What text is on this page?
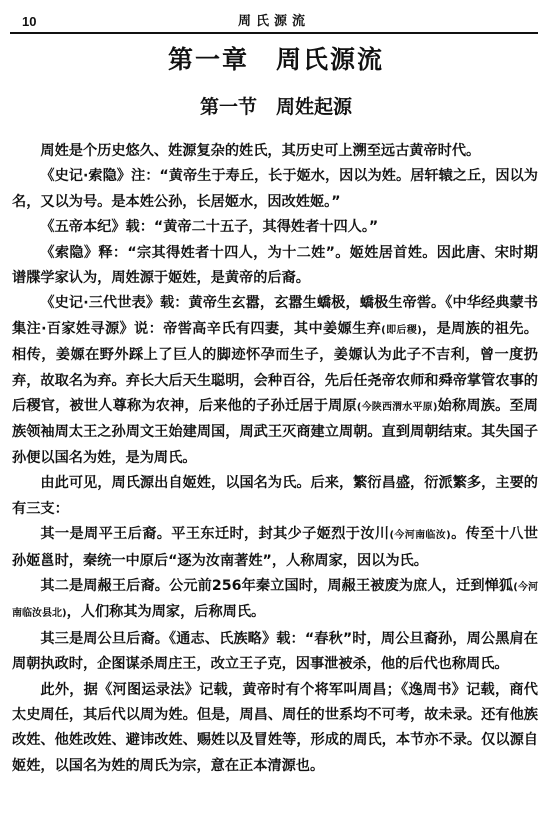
10	周氏源流
第一章　周氏源流
第一节　周姓起源

周姓是个历史悠久、姓源复杂的姓氏，其历史可上溯至远古黄帝时代。

《史记·索隐》注：“黄帝生于寿丘，长于姬水，因以为姓。居轩辕之丘，因以为名，又以为号。是本姓公孙，长居姬水，因改姓姬。”

《五帝本纪》载：“黄帝二十五子，其得姓者十四人。”

《索隐》释：“宗其得姓者十四人，为十二姓”。姬姓居首姓。因此唐、宋时期谱牒学家认为，周姓源于姬姓，是黄帝的后裔。

《史记·三代世表》载：黄帝生玄嚣，玄嚣生蟜极，蟜极生帝喾。《中华经典蒙书集注·百家姓寻源》说：帝喾高辛氏有四妻，其中姜嫄生弃(即后稷)，是周族的祖先。相传，姜嫄在野外踩上了巨人的脚迹怀孕而生子，姜嫄认为此子不吉利，曾一度扔弃，故取名为弃。弃长大后天生聪明，会种百谷，先后任尧帝农师和舜帝掌管农事的后稷官，被世人尊称为农神，后来他的子孙迁居于周原(今陕西渭水平原)始称周族。至周族领袖周太王之孙周文王始建周国，周武王灭商建立周朝。直到周朝结束。其失国子孙便以国名为姓，是为周氏。

由此可见，周氏源出自姬姓，以国名为氏。后来，繁衍昌盛，衍派繁多，主要的有三支：

其一是周平王后裔。平王东迁时，封其少子姬烈于汝川(今河南临汝)。传至十八世孙姬邕时，秦统一中原后“逐为汝南著姓”，人称周家，因以为氏。

其二是周赧王后裔。公元前256年秦立国时，周赧王被废为庶人，迁到惮狐(今河南临汝县北)，人们称其为周家，后称周氏。

其三是周公旦后裔。《通志、氏族略》载：“春秋”时，周公旦裔孙，周公黑肩在周朝执政时，企图谋杀周庄王，改立王子克，因事泄被杀，他的后代也称周氏。

此外，据《河图运录法》记载，黄帝时有个将军叫周昌；《逸周书》记载，商代太史周任，其后代以周为姓。但是，周昌、周任的世系均不可考，故未录。还有他族改姓、他姓改姓、避讳改姓、赐姓以及冒姓等，形成的周氏，本节亦不录。仅以源自姬姓，以国名为姓的周氏为宗，意在正本清源也。
